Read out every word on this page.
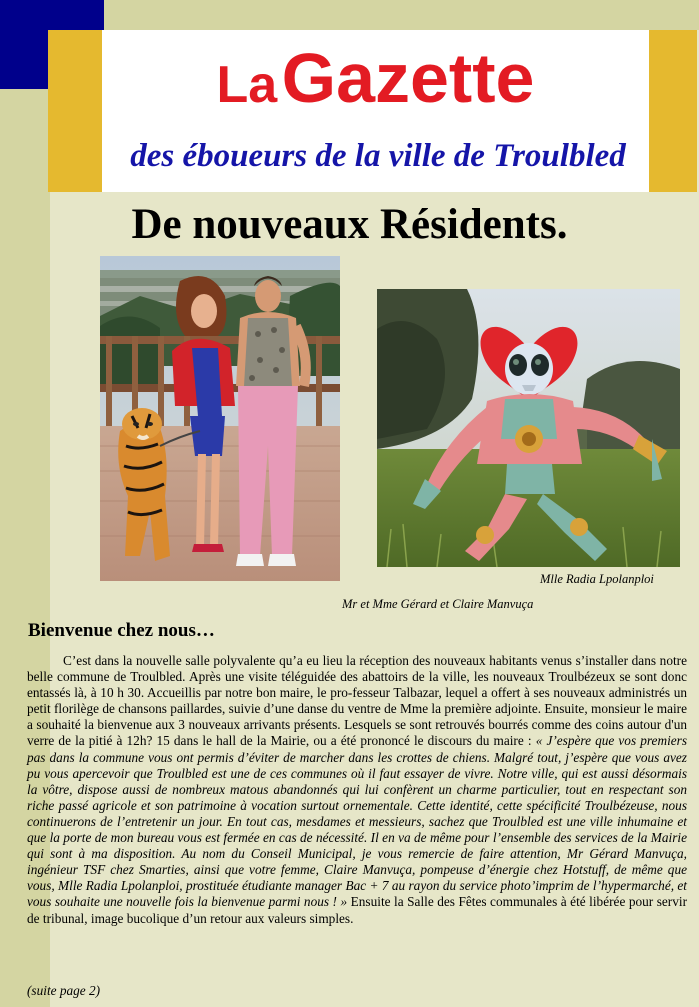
La Gazette
des éboueurs de la ville de Troulbled
De nouveaux Résidents.
Mlle Radia Lpolanploi
Mr et Mme Gérard et Claire Manvuça
Bienvenue chez nous…

C’est dans la nouvelle salle polyvalente qu’a eu lieu la réception des nouveaux habitants venus s’installer dans notre belle commune de Troulbled. Après une visite téléguidée des abattoirs de la ville, les nouveaux Troulbézeux se sont donc entassés là, à 10 h 30. Accueillis par notre bon maire, le pro-fesseur Talbazar, lequel a offert à ses nouveaux administrés un petit florilège de chansons paillardes, suivie d’une danse du ventre de Mme la première adjointe. Ensuite, monsieur le maire a souhaité la bienvenue aux 3 nouveaux arrivants présents. Lesquels se sont retrouvés bourrés comme des coins autour d'un verre de la pitié à 12h? 15 dans le hall de la Mairie, ou a été prononcé le discours du maire : « J’espère que vos premiers pas dans la commune vous ont permis d’éviter de marcher dans les crottes de chiens. Malgré tout, j’espère que vous avez pu vous apercevoir que Troulbled est une de ces communes où il faut essayer de vivre. Notre ville, qui est aussi désormais la vôtre, dispose aussi de nombreux matous abandonnés qui lui confèrent un charme particulier, tout en respectant son riche passé agricole et son patrimoine à vocation surtout ornementale. Cette identité, cette spécificité Troulbézeuse, nous continuerons de l’entretenir un jour. En tout cas, mesdames et messieurs, sachez que Troulbled est une ville inhumaine et que la porte de mon bureau vous est fermée en cas de nécessité. Il en va de même pour l’ensemble des services de la Mairie qui sont à ma disposition. Au nom du Conseil Municipal, je vous remercie de faire attention, Mr Gérard Manvuça, ingénieur TSF chez Smarties, ainsi que votre femme, Claire Manvuça, pompeuse d’énergie chez Hotstuff, de même que vous, Mlle Radia Lpolanploi, prostituée étudiante manager Bac + 7 au rayon du service photo’imprim de l’hypermarché, et vous souhaite une nouvelle fois la bienvenue parmi nous ! » Ensuite la Salle des Fêtes communales à été libérée pour servir de tribunal, image bucolique d’un retour aux valeurs simples.

(suite page 2)
